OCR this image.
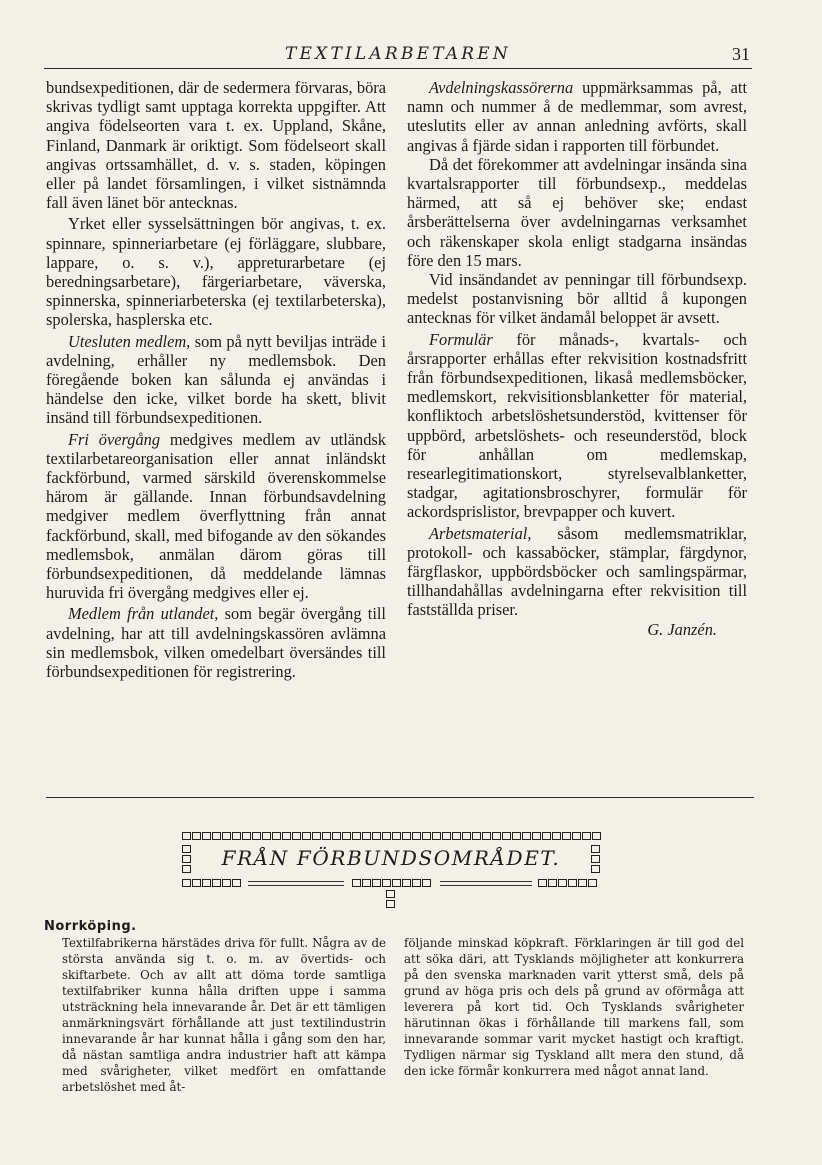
TEXTILARBETAREN	31

bundsexpeditionen, där de sedermera förvaras, böra skrivas tydligt samt upptaga korrekta uppgifter. Att angiva födelseorten vara t. ex. Uppland, Skåne, Finland, Danmark är oriktigt. Som födelseort skall angivas ortssamhället, d. v. s. staden, köpingen eller på landet församlingen, i vilket sistnämnda fall även länet bör antecknas.

Yrket eller sysselsättningen bör angivas, t. ex. spinnare, spinneriarbetare (ej förläggare, slubbare, lappare, o. s. v.), appreturarbetare (ej beredningsarbetare), färgeriarbetare, väverska, spinnerska, spinneriarbeterska (ej textilarbeterska), spolerska, hasplerska etc.

Utesluten medlem, som på nytt beviljas inträde i avdelning, erhåller ny medlemsbok. Den föregående boken kan sålunda ej användas i händelse den icke, vilket borde ha skett, blivit insänd till förbundsexpeditionen.

Fri övergång medgives medlem av utländsk textilarbetareorganisation eller annat inländskt fackförbund, varmed särskild överenskommelse härom är gällande. Innan förbundsavdelning medgiver medlem överflyttning från annat fackförbund, skall, med bifogande av den sökandes medlemsbok, anmälan därom göras till förbundsexpeditionen, då meddelande lämnas huruvida fri övergång medgives eller ej.

Medlem från utlandet, som begär övergång till avdelning, har att till avdelningskassören avlämna sin medlemsbok, vilken omedelbart översändes till förbundsexpeditionen för registrering.

Avdelningskassörerna uppmärksammas på, att namn och nummer å de medlemmar, som avrest, uteslutits eller av annan anledning avförts, skall angivas å fjärde sidan i rapporten till förbundet.

Då det förekommer att avdelningar insända sina kvartalsrapporter till förbundsexp., meddelas härmed, att så ej behöver ske; endast årsberättelserna över avdelningarnas verksamhet och räkenskaper skola enligt stadgarna insändas före den 15 mars.

Vid insändandet av penningar till förbundsexp. medelst postanvisning bör alltid å kupongen antecknas för vilket ändamål beloppet är avsett.

Formulär för månads-, kvartals- och årsrapporter erhållas efter rekvisition kostnadsfritt från förbundsexpeditionen, likaså medlemsböcker, medlemskort, rekvisitionsblanketter för material, konfliktoch arbetslöshetsunderstöd, kvittenser för uppbörd, arbetslöshets- och reseunderstöd, block för anhållan om medlemskap, researlegitimationskort, styrelsevalblanketter, stadgar, agitationsbroschyrer, formulär för ackordsprislistor, brevpapper och kuvert.

Arbetsmaterial, såsom medlemsmatriklar, protokoll- och kassaböcker, stämplar, färgdynor, färgflaskor, uppbördsböcker och samlingspärmar, tillhandahållas avdelningarna efter rekvisition till fastställda priser.

G. Janzén.

FRÅN FÖRBUNDSOMRÅDET.
Norrköping.

Textilfabrikerna härstädes driva för fullt. Några av de största använda sig t. o. m. av övertids- och skiftarbete. Och av allt att döma torde samtliga textilfabriker kunna hålla driften uppe i samma utsträckning hela innevarande år. Det är ett tämligen anmärkningsvärt förhållande att just textilindustrin innevarande år har kunnat hålla i gång som den har, då nästan samtliga andra industrier haft att kämpa med svårigheter, vilket medfört en omfattande arbetslöshet med åt-

följande minskad köpkraft. Förklaringen är till god del att söka däri, att Tysklands möjligheter att konkurrera på den svenska marknaden varit ytterst små, dels på grund av höga pris och dels på grund av oförmåga att leverera på kort tid. Och Tysklands svårigheter härutinnan ökas i förhållande till markens fall, som innevarande sommar varit mycket hastigt och kraftigt. Tydligen närmar sig Tyskland allt mera den stund, då den icke förmår konkurrera med något annat land.
